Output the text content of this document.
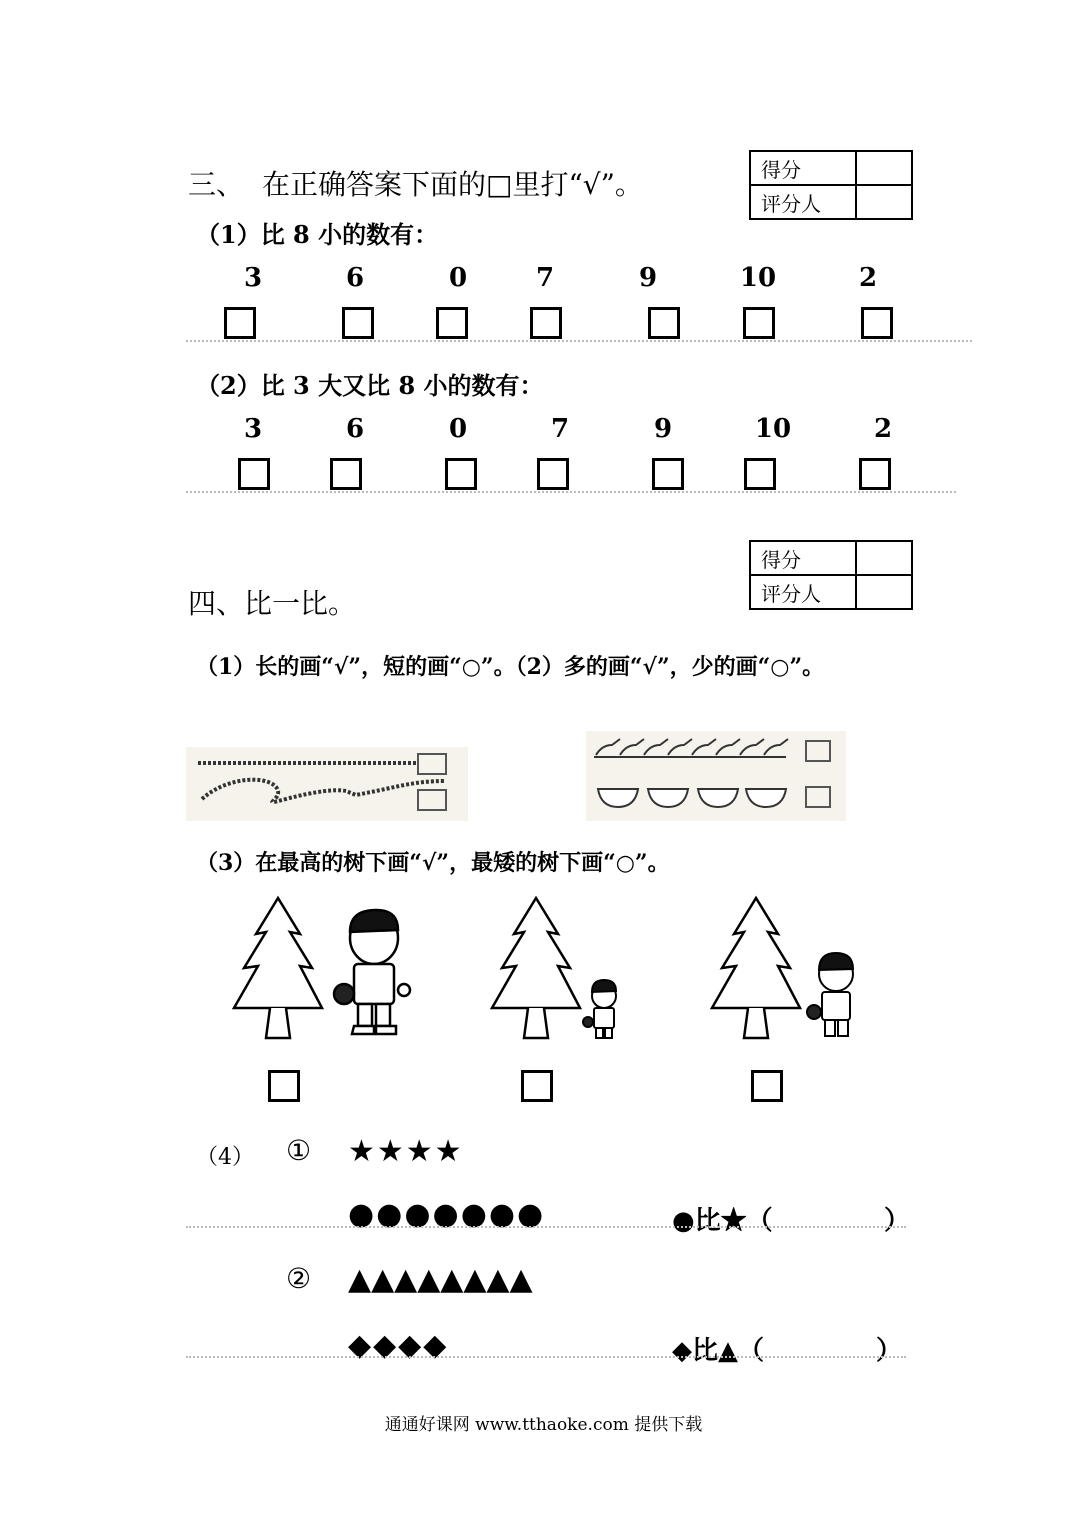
得分	
评分人	
得分	
评分人	
三、 在正确答案下面的□里打“√”。
（1）比 8 小的数有：
3	6	0	7	9	10	2
（2）比 3 大又比 8 小的数有：
3	6	0	7	9	10	2
四、比一比。
（1）长的画“√”，短的画“○”。（2）多的画“√”，少的画“○”。
（3）在最高的树下画“√”，最矮的树下画“○”。
（4） ① ★★★★
●●●●●●●	●比★（	）
② ▲▲▲▲▲▲▲▲
◆◆◆◆	◆比▲（	）
通通好课网 www.tthaoke.com 提供下载
